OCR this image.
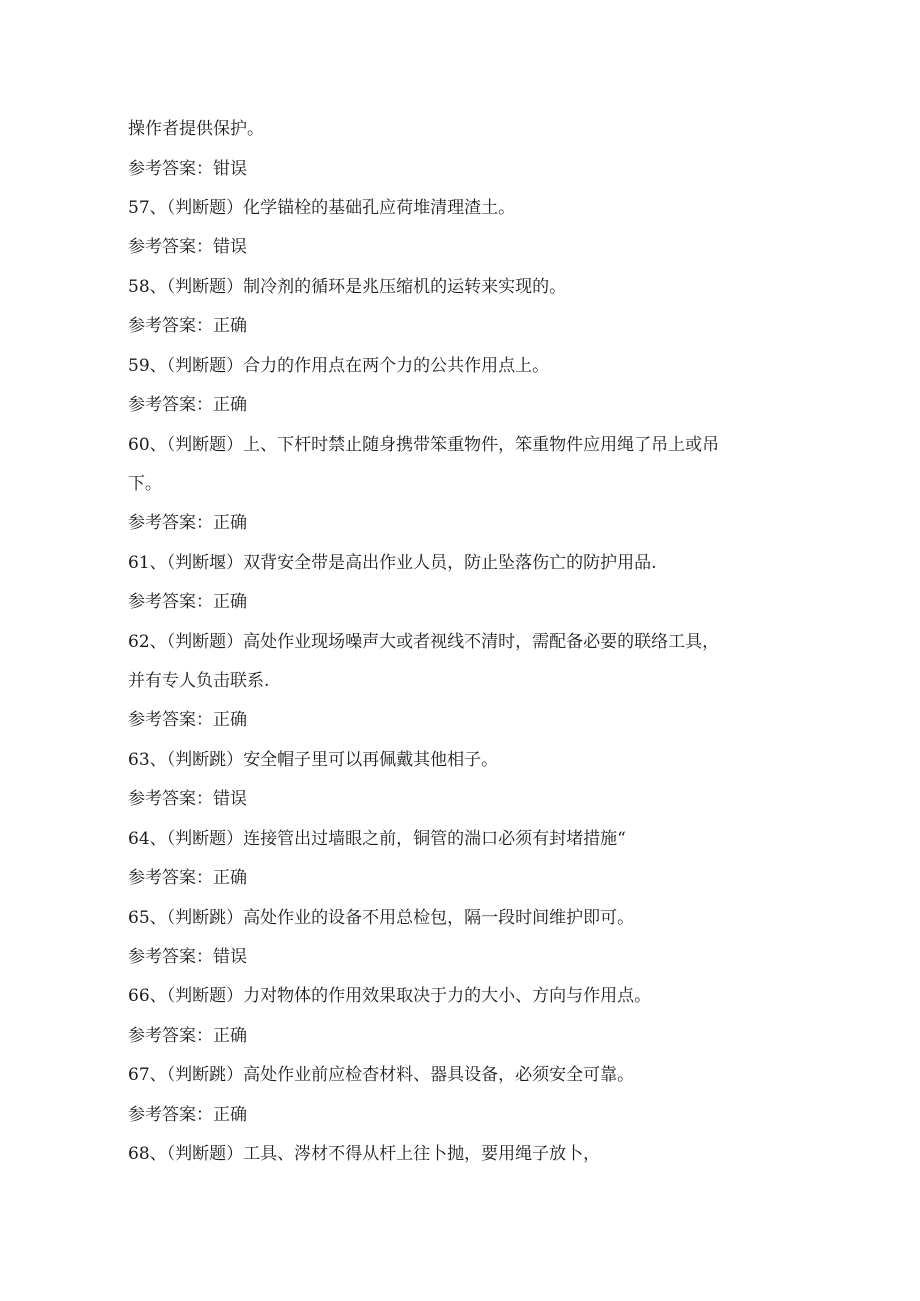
操作者提供保护。
参考答案：钳误
57、（判断题）化学锚栓的基础孔应荷堆清理渣土。
参考答案：错误
58、（判断题）制冷剂的循环是兆压缩机的运转来实现的。
参考答案：正确
59、（判断题）合力的作用点在两个力的公共作用点上。
参考答案：正确
60、（判断题）上、下杆时禁止随身携带笨重物件，笨重物件应用绳了吊上或吊
下。
参考答案：正确
61、（判断堰）双背安全带是高出作业人员，防止坠落伤亡的防护用品.
参考答案：正确
62、（判断题）高处作业现场噪声大或者视线不清时，需配备必要的联络工具，
并有专人负击联系.
参考答案：正确
63、（判断跳）安全帽子里可以再佩戴其他相子。
参考答案：错误
64、（判断题）连接管出过墙眼之前，铜管的湍口必须有封堵措施“
参考答案：正确
65、（判断跳）高处作业的设备不用总检包，隔一段时间维护即可。
参考答案：错误
66、（判断题）力对物体的作用效果取决于力的大小、方向与作用点。
参考答案：正确
67、（判断跳）高处作业前应检杳材料、器具设备，必须安全可靠。
参考答案：正确
68、（判断题）工具、涔材不得从杆上往卜抛，要用绳子放卜，
